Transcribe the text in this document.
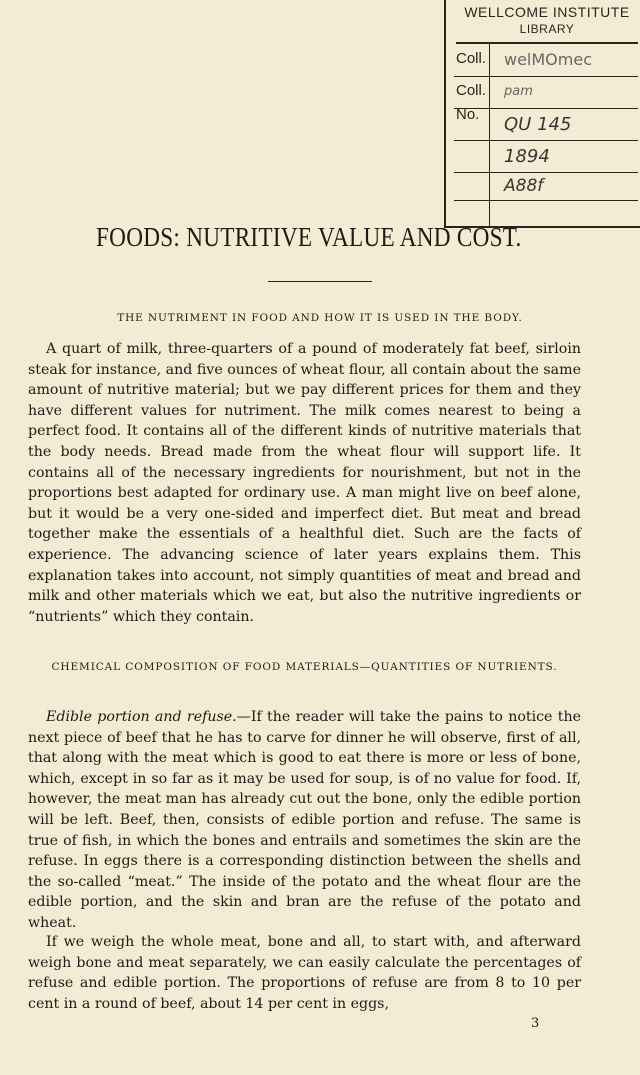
WELLCOME INSTITUTE
LIBRARY
Coll. welMOmec
Coll. pam
No. QU 145
1894
A88f
FOODS: NUTRITIVE VALUE AND COST.
THE NUTRIMENT IN FOOD AND HOW IT IS USED IN THE BODY.
A quart of milk, three-quarters of a pound of moderately fat beef, sirloin steak for instance, and five ounces of wheat flour, all contain about the same amount of nutritive material; but we pay different prices for them and they have different values for nutriment. The milk comes nearest to being a perfect food. It contains all of the different kinds of nutritive materials that the body needs. Bread made from the wheat flour will support life. It contains all of the necessary ingredients for nourishment, but not in the proportions best adapted for ordinary use. A man might live on beef alone, but it would be a very one-sided and imperfect diet. But meat and bread together make the essentials of a healthful diet. Such are the facts of experience. The advancing science of later years explains them. This explanation takes into account, not simply quantities of meat and bread and milk and other materials which we eat, but also the nutritive ingredients or “nutrients” which they contain.
CHEMICAL COMPOSITION OF FOOD MATERIALS—QUANTITIES OF NUTRIENTS.
Edible portion and refuse.—If the reader will take the pains to notice the next piece of beef that he has to carve for dinner he will observe, first of all, that along with the meat which is good to eat there is more or less of bone, which, except in so far as it may be used for soup, is of no value for food. If, however, the meat man has already cut out the bone, only the edible portion will be left. Beef, then, consists of edible portion and refuse. The same is true of fish, in which the bones and entrails and sometimes the skin are the refuse. In eggs there is a corresponding distinction between the shells and the so-called “meat.” The inside of the potato and the wheat flour are the edible portion, and the skin and bran are the refuse of the potato and wheat.
If we weigh the whole meat, bone and all, to start with, and afterward weigh bone and meat separately, we can easily calculate the percentages of refuse and edible portion. The proportions of refuse are from 8 to 10 per cent in a round of beef, about 14 per cent in eggs,
3
